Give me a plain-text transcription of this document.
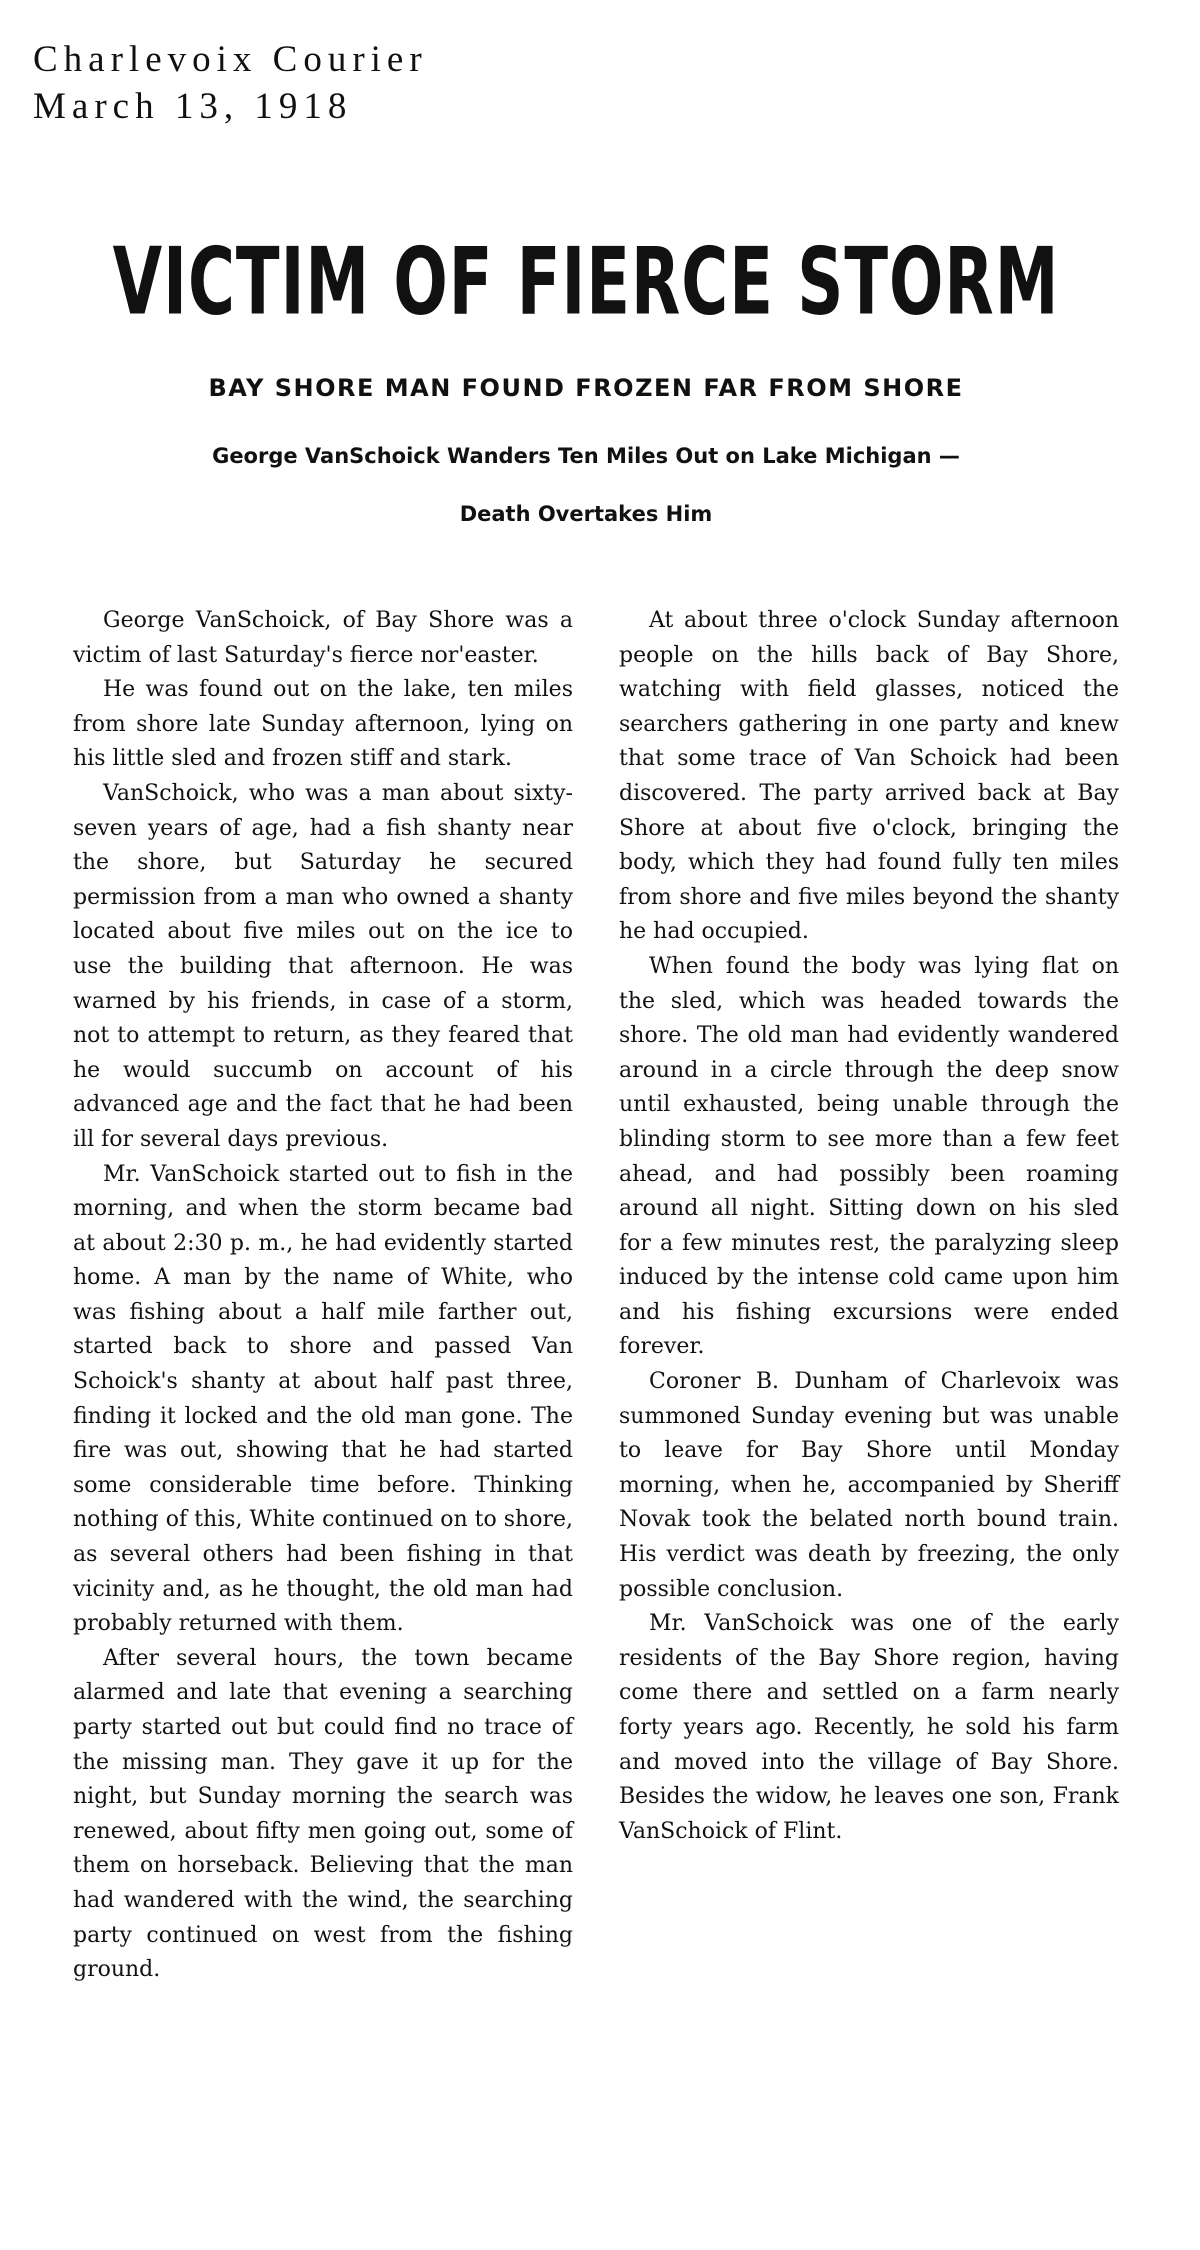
Charlevoix Courier
March 13, 1918
VICTIM OF FIERCE STORM
BAY SHORE MAN FOUND FROZEN FAR FROM SHORE
George VanSchoick Wanders Ten Miles Out on Lake Michigan —
Death Overtakes Him

George VanSchoick, of Bay Shore was a victim of last Saturday's fierce nor'easter.

He was found out on the lake, ten miles from shore late Sunday afternoon, lying on his little sled and frozen stiff and stark.

VanSchoick, who was a man about sixty-seven years of age, had a fish shanty near the shore, but Saturday he secured permission from a man who owned a shanty located about five miles out on the ice to use the building that afternoon. He was warned by his friends, in case of a storm, not to attempt to return, as they feared that he would succumb on account of his advanced age and the fact that he had been ill for several days previous.

Mr. VanSchoick started out to fish in the morning, and when the storm became bad at about 2:30 p. m., he had evidently started home. A man by the name of White, who was fishing about a half mile farther out, started back to shore and passed Van Schoick's shanty at about half past three, finding it locked and the old man gone. The fire was out, showing that he had started some considerable time before. Thinking nothing of this, White continued on to shore, as several others had been fishing in that vicinity and, as he thought, the old man had probably returned with them.

After several hours, the town became alarmed and late that evening a searching party started out but could find no trace of the missing man. They gave it up for the night, but Sunday morning the search was renewed, about fifty men going out, some of them on horseback. Believing that the man had wandered with the wind, the searching party continued on west from the fishing ground.

At about three o'clock Sunday afternoon people on the hills back of Bay Shore, watching with field glasses, noticed the searchers gathering in one party and knew that some trace of Van Schoick had been discovered. The party arrived back at Bay Shore at about five o'clock, bringing the body, which they had found fully ten miles from shore and five miles beyond the shanty he had occupied.

When found the body was lying flat on the sled, which was headed towards the shore. The old man had evidently wandered around in a circle through the deep snow until exhausted, being unable through the blinding storm to see more than a few feet ahead, and had possibly been roaming around all night. Sitting down on his sled for a few minutes rest, the paralyzing sleep induced by the intense cold came upon him and his fishing excursions were ended forever.

Coroner B. Dunham of Charlevoix was summoned Sunday evening but was unable to leave for Bay Shore until Monday morning, when he, accompanied by Sheriff Novak took the belated north bound train. His verdict was death by freezing, the only possible conclusion.

Mr. VanSchoick was one of the early residents of the Bay Shore region, having come there and settled on a farm nearly forty years ago. Recently, he sold his farm and moved into the village of Bay Shore. Besides the widow, he leaves one son, Frank VanSchoick of Flint.
